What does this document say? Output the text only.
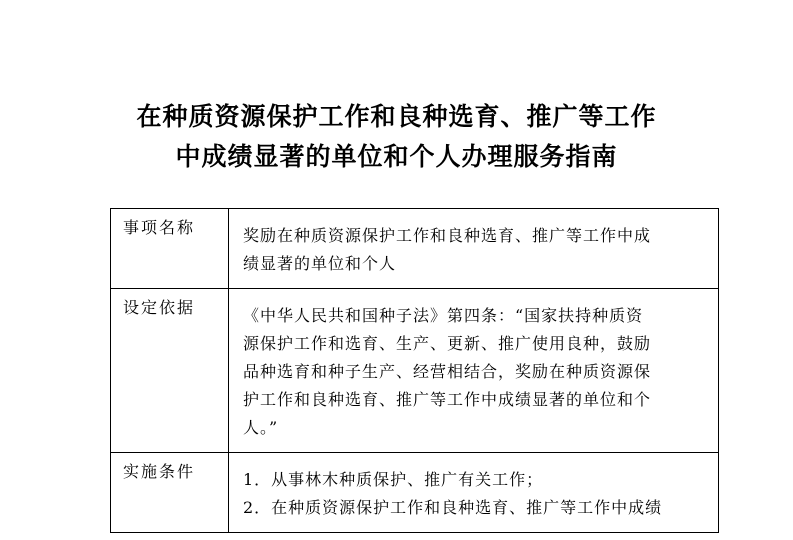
在种质资源保护工作和良种选育、推广等工作
中成绩显著的单位和个人办理服务指南
事项名称	奖励在种质资源保护工作和良种选育、推广等工作中成
绩显著的单位和个人

设定依据	《中华人民共和国种子法》第四条：“国家扶持种质资
源保护工作和选育、生产、更新、推广使用良种，鼓励
品种选育和种子生产、经营相结合，奖励在种质资源保
护工作和良种选育、推广等工作中成绩显著的单位和个
人。”

实施条件	1．从事林木种质保护、推广有关工作；
2．在种质资源保护工作和良种选育、推广等工作中成绩
